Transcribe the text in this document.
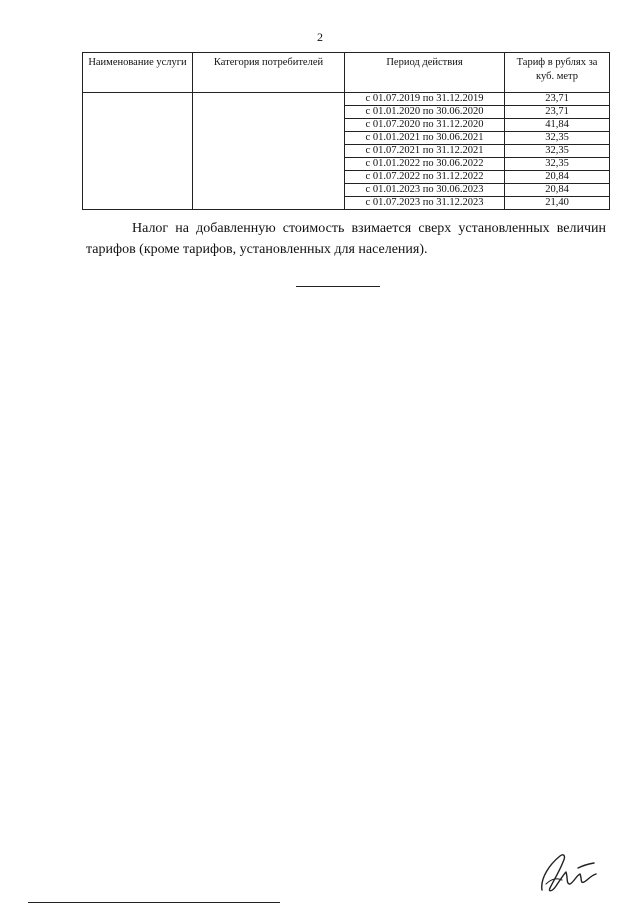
2
Наименование услуги	Категория потребителей	Период действия	Тариф в рублях за куб. метр
		с 01.07.2019 по 31.12.2019	23,71
		с 01.01.2020 по 30.06.2020	23,71
		с 01.07.2020 по 31.12.2020	41,84
		с 01.01.2021 по 30.06.2021	32,35
		с 01.07.2021 по 31.12.2021	32,35
		с 01.01.2022 по 30.06.2022	32,35
		с 01.07.2022 по 31.12.2022	20,84
		с 01.01.2023 по 30.06.2023	20,84
		с 01.07.2023 по 31.12.2023	21,40

Налог на добавленную стоимость взимается сверх установленных величин тарифов (кроме тарифов, установленных для населения).
